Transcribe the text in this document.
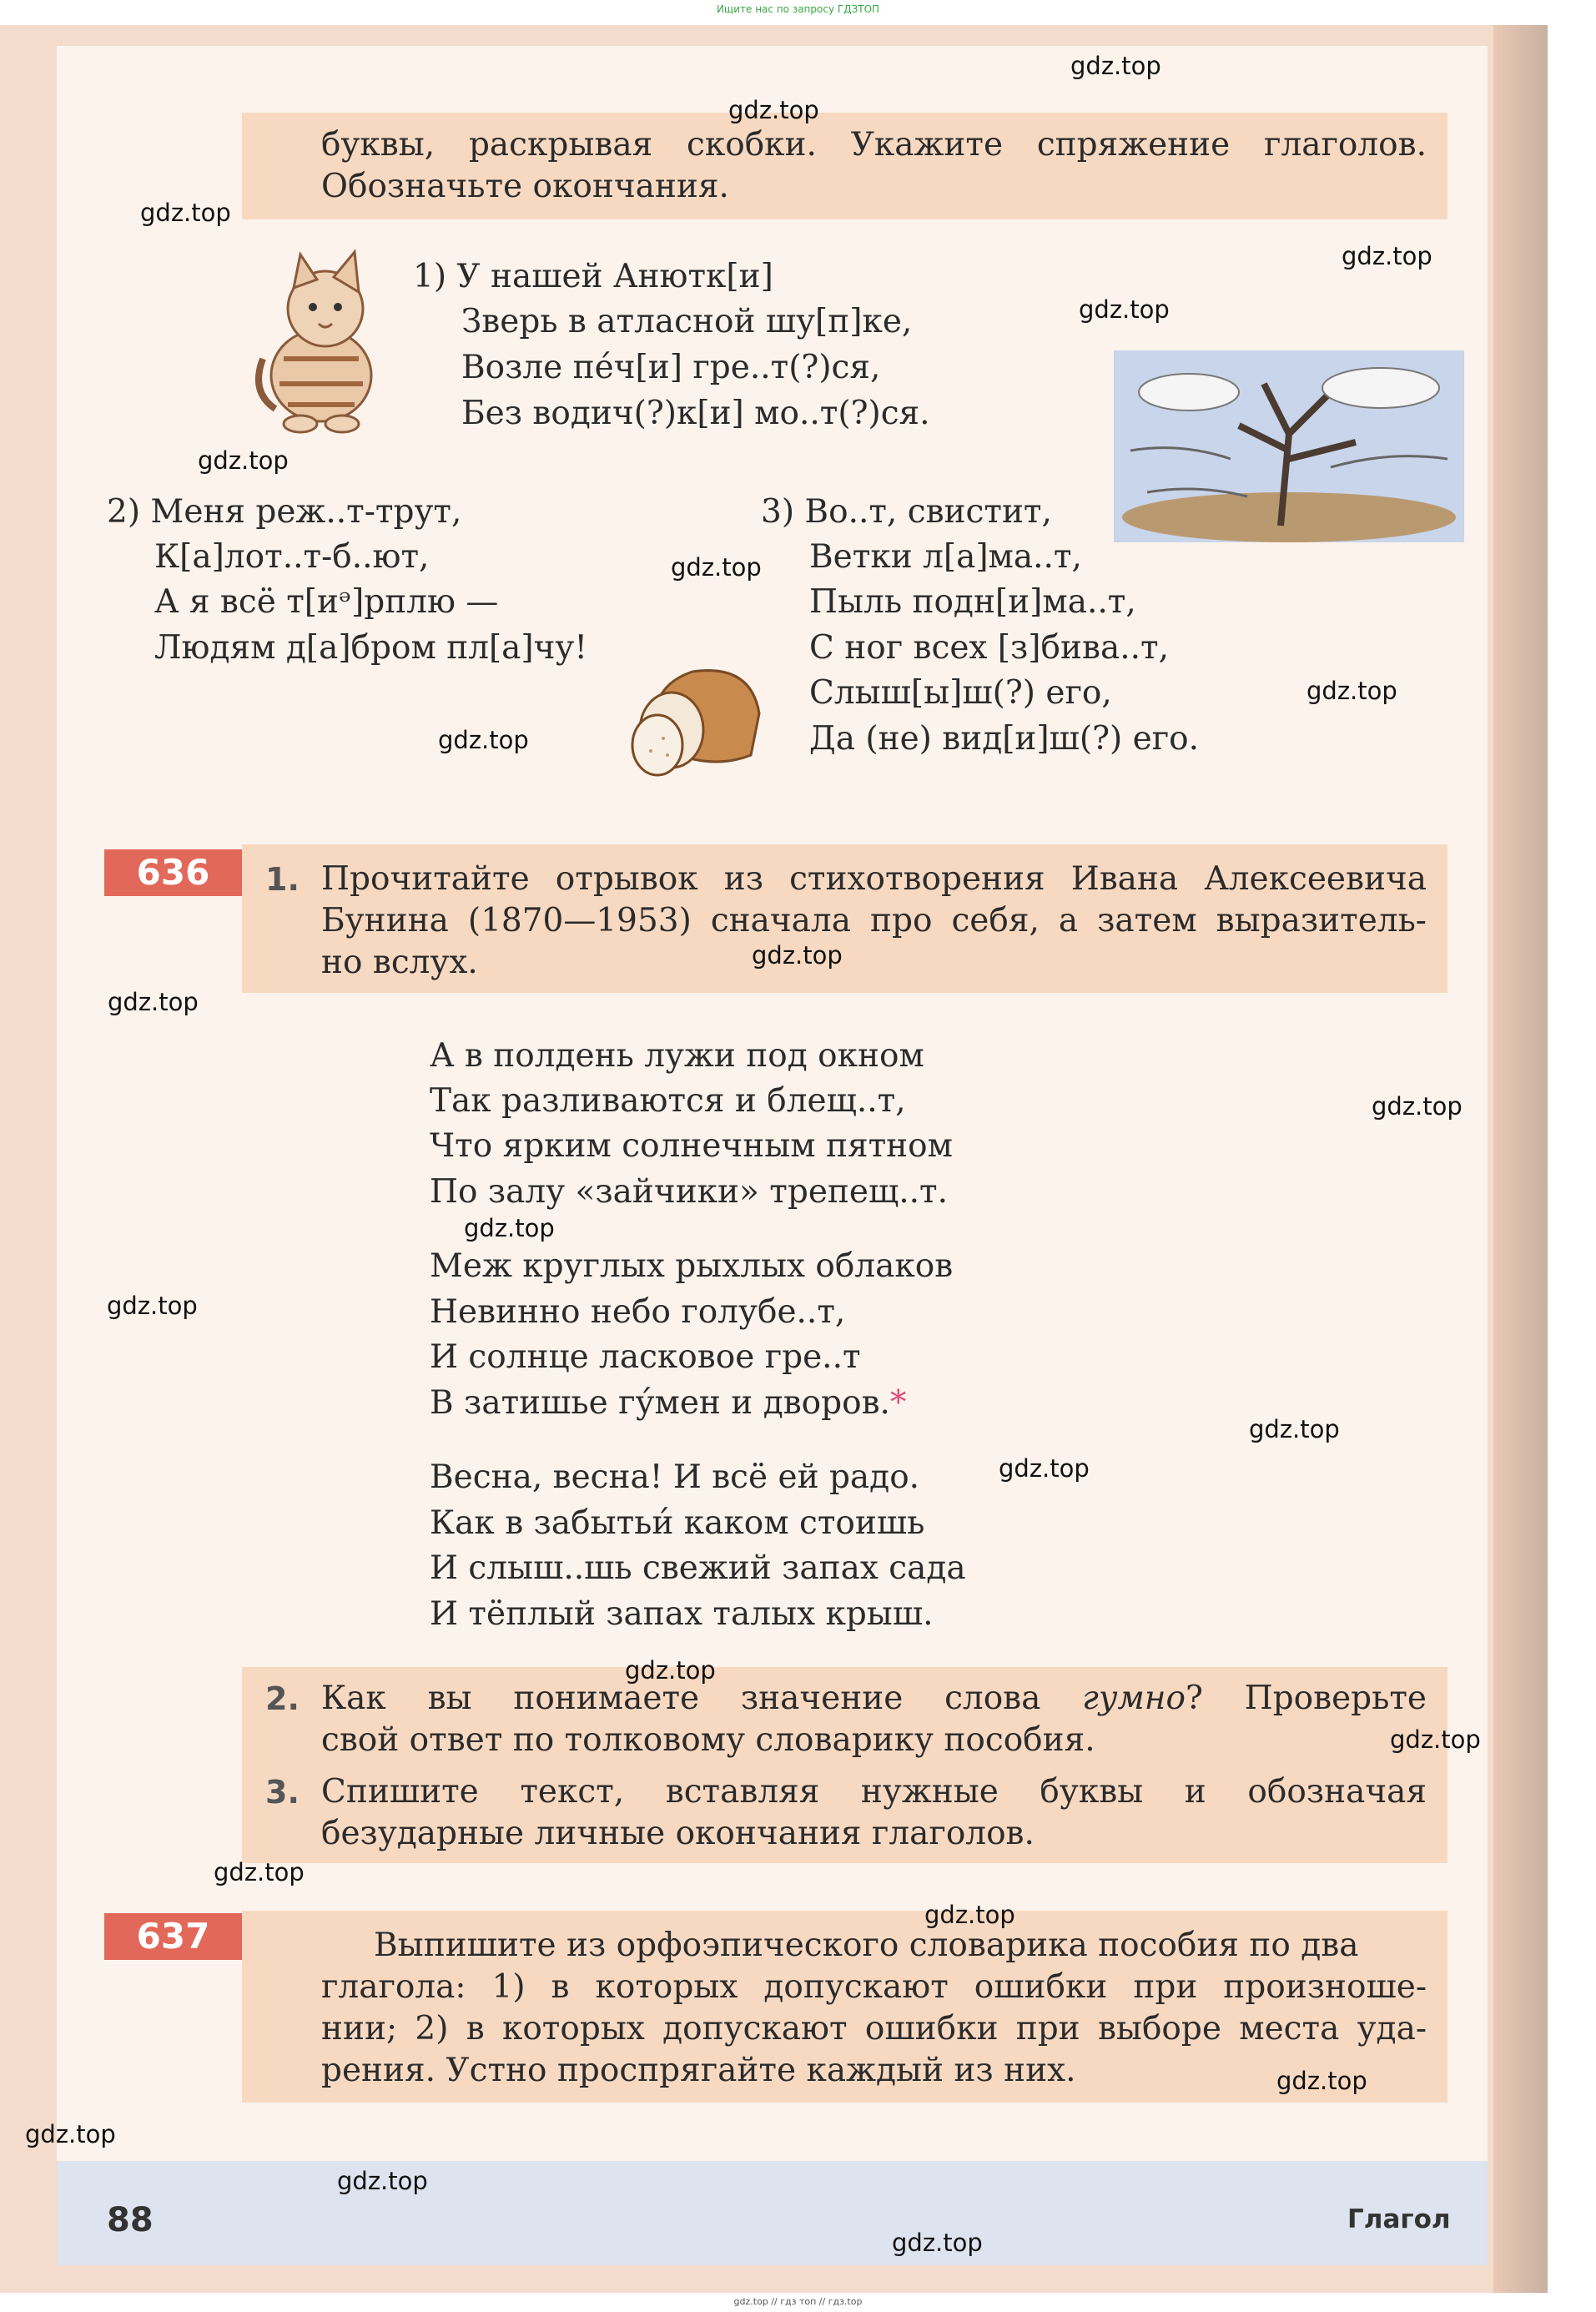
Ищите нас по запросу ГДЗТОП
буквы, раскрывая скобки. Укажите спряжение глаголов.
Обозначьте окончания.
1) У нашей Анютк[и]
Зверь в атласной шу[п]ке,
Возле пе́ч[и] гре..т(?)ся,
Без водич(?)к[и] мо..т(?)ся.
2) Меня реж..т-трут,
К[а]лот..т-б..ют,
А я всё т[иᵊ]рплю —
Людям д[а]бром пл[а]чу!
3) Во..т, свистит,
Ветки л[а]ма..т,
Пыль подн[и]ма..т,
С ног всех [з]бива..т,
Слыш[ы]ш(?) его,
Да (не) вид[и]ш(?) его.
636	1. Прочитайте отрывок из стихотворения Ивана Алексеевича
Бунина (1870—1953) сначала про себя, а затем выразитель-
но вслух.
А в полдень лужи под окном
Так разливаются и блещ..т,
Что ярким солнечным пятном
По залу «зайчики» трепещ..т.
Меж круглых рыхлых облаков
Невинно небо голубе..т,
И солнце ласковое гре..т
В затишье гу́мен и дворов.*
Весна, весна! И всё ей радо.
Как в забытьи́ каком стоишь
И слыш..шь свежий запах сада
И тёплый запах талых крыш.
2. Как вы понимаете значение слова гумно? Проверьте
свой ответ по толковому словарику пособия.
3. Спишите текст, вставляя нужные буквы и обозначая
безударные личные окончания глаголов.
637	Выпишите из орфоэпического словарика пособия по два
глагола: 1) в которых допускают ошибки при произноше-
нии; 2) в которых допускают ошибки при выборе места уда-
рения. Устно проспрягайте каждый из них.
88	Глагол
gdz.top
gdz.top
gdz.top
gdz.top
gdz.top
gdz.top
gdz.top
gdz.top
gdz.top
gdz.top
gdz.top
gdz.top
gdz.top
gdz.top
gdz.top
gdz.top
gdz.top
gdz.top
gdz.top
gdz.top
gdz.top
gdz.top
gdz.top
gdz.top
gdz.top // гдз топ // гдз.top
